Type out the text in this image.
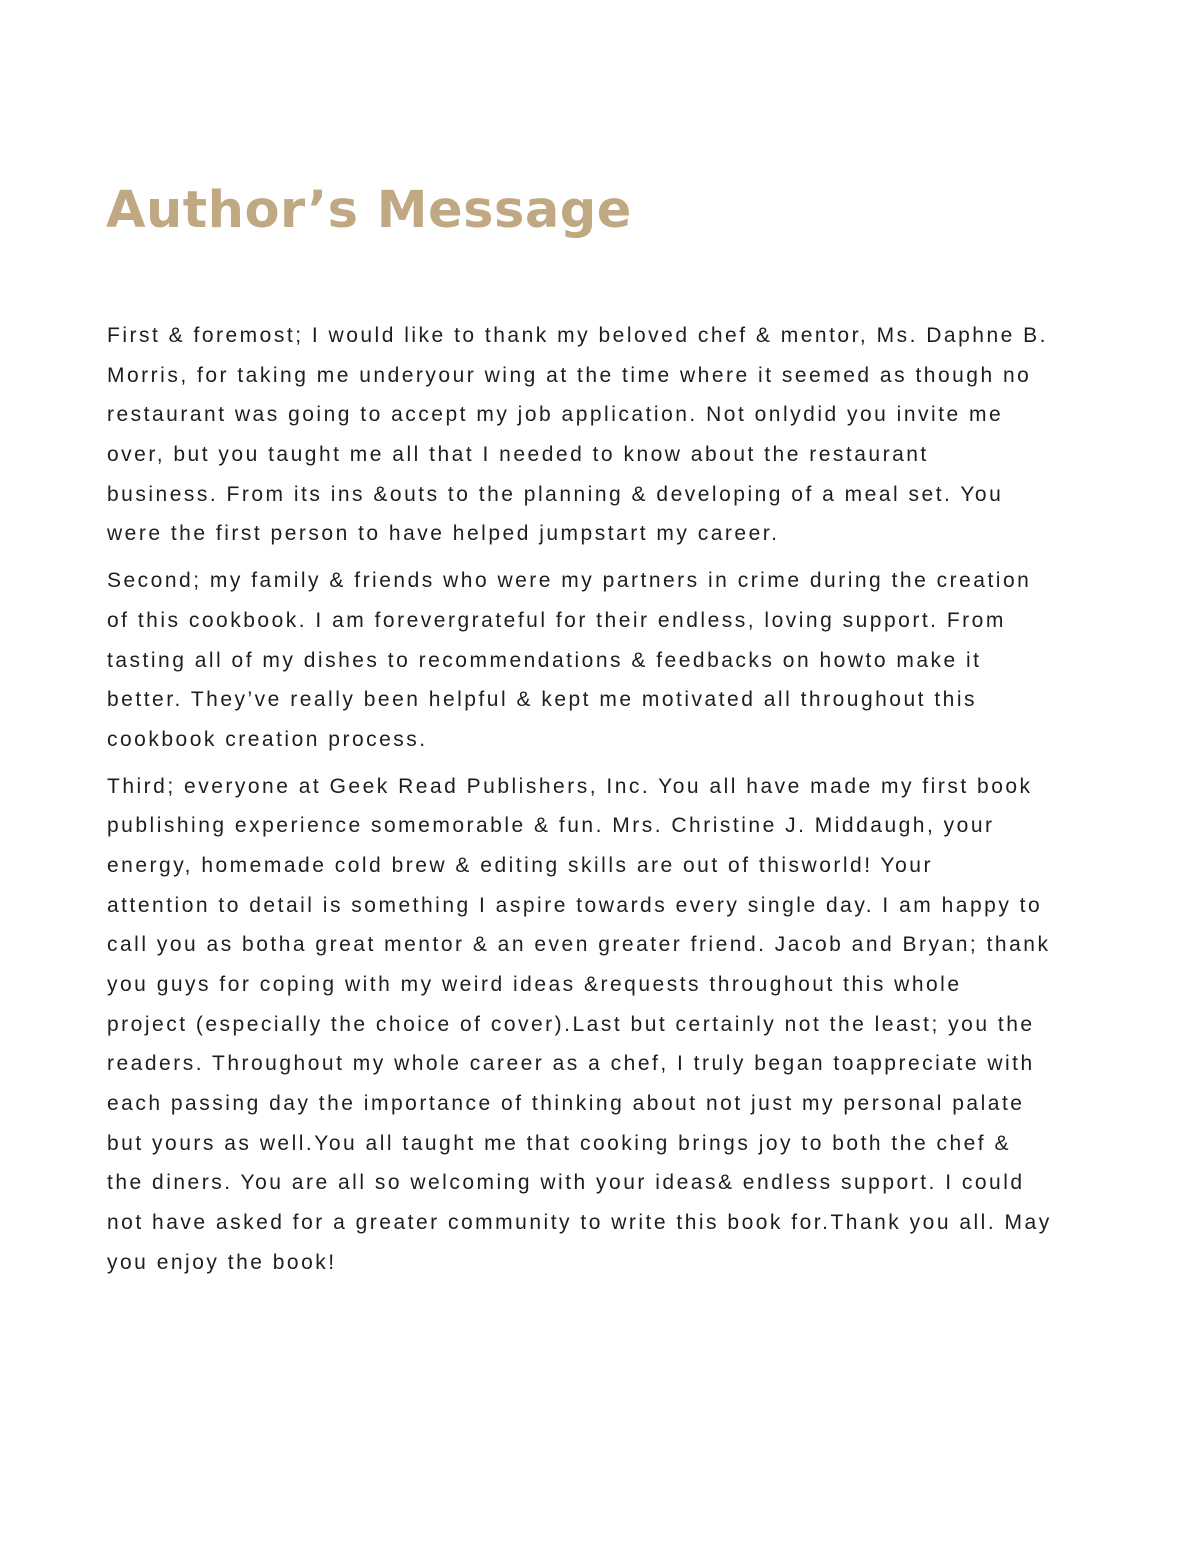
Author’s Message

First & foremost; I would like to thank my beloved chef & mentor, Ms. Daphne B.
Morris, for taking me underyour wing at the time where it seemed as though no
restaurant was going to accept my job application. Not onlydid you invite me
over, but you taught me all that I needed to know about the restaurant
business. From its ins &outs to the planning & developing of a meal set. You
were the first person to have helped jumpstart my career.

Second; my family & friends who were my partners in crime during the creation
of this cookbook. I am forevergrateful for their endless, loving support. From
tasting all of my dishes to recommendations & feedbacks on howto make it
better. They’ve really been helpful & kept me motivated all throughout this
cookbook creation process.

Third; everyone at Geek Read Publishers, Inc. You all have made my first book
publishing experience somemorable & fun. Mrs. Christine J. Middaugh, your
energy, homemade cold brew & editing skills are out of thisworld! Your
attention to detail is something I aspire towards every single day. I am happy to
call you as botha great mentor & an even greater friend. Jacob and Bryan; thank
you guys for coping with my weird ideas &requests throughout this whole
project (especially the choice of cover).Last but certainly not the least; you the
readers. Throughout my whole career as a chef, I truly began toappreciate with
each passing day the importance of thinking about not just my personal palate
but yours as well.You all taught me that cooking brings joy to both the chef &
the diners. You are all so welcoming with your ideas& endless support. I could
not have asked for a greater community to write this book for.Thank you all. May
you enjoy the book!
